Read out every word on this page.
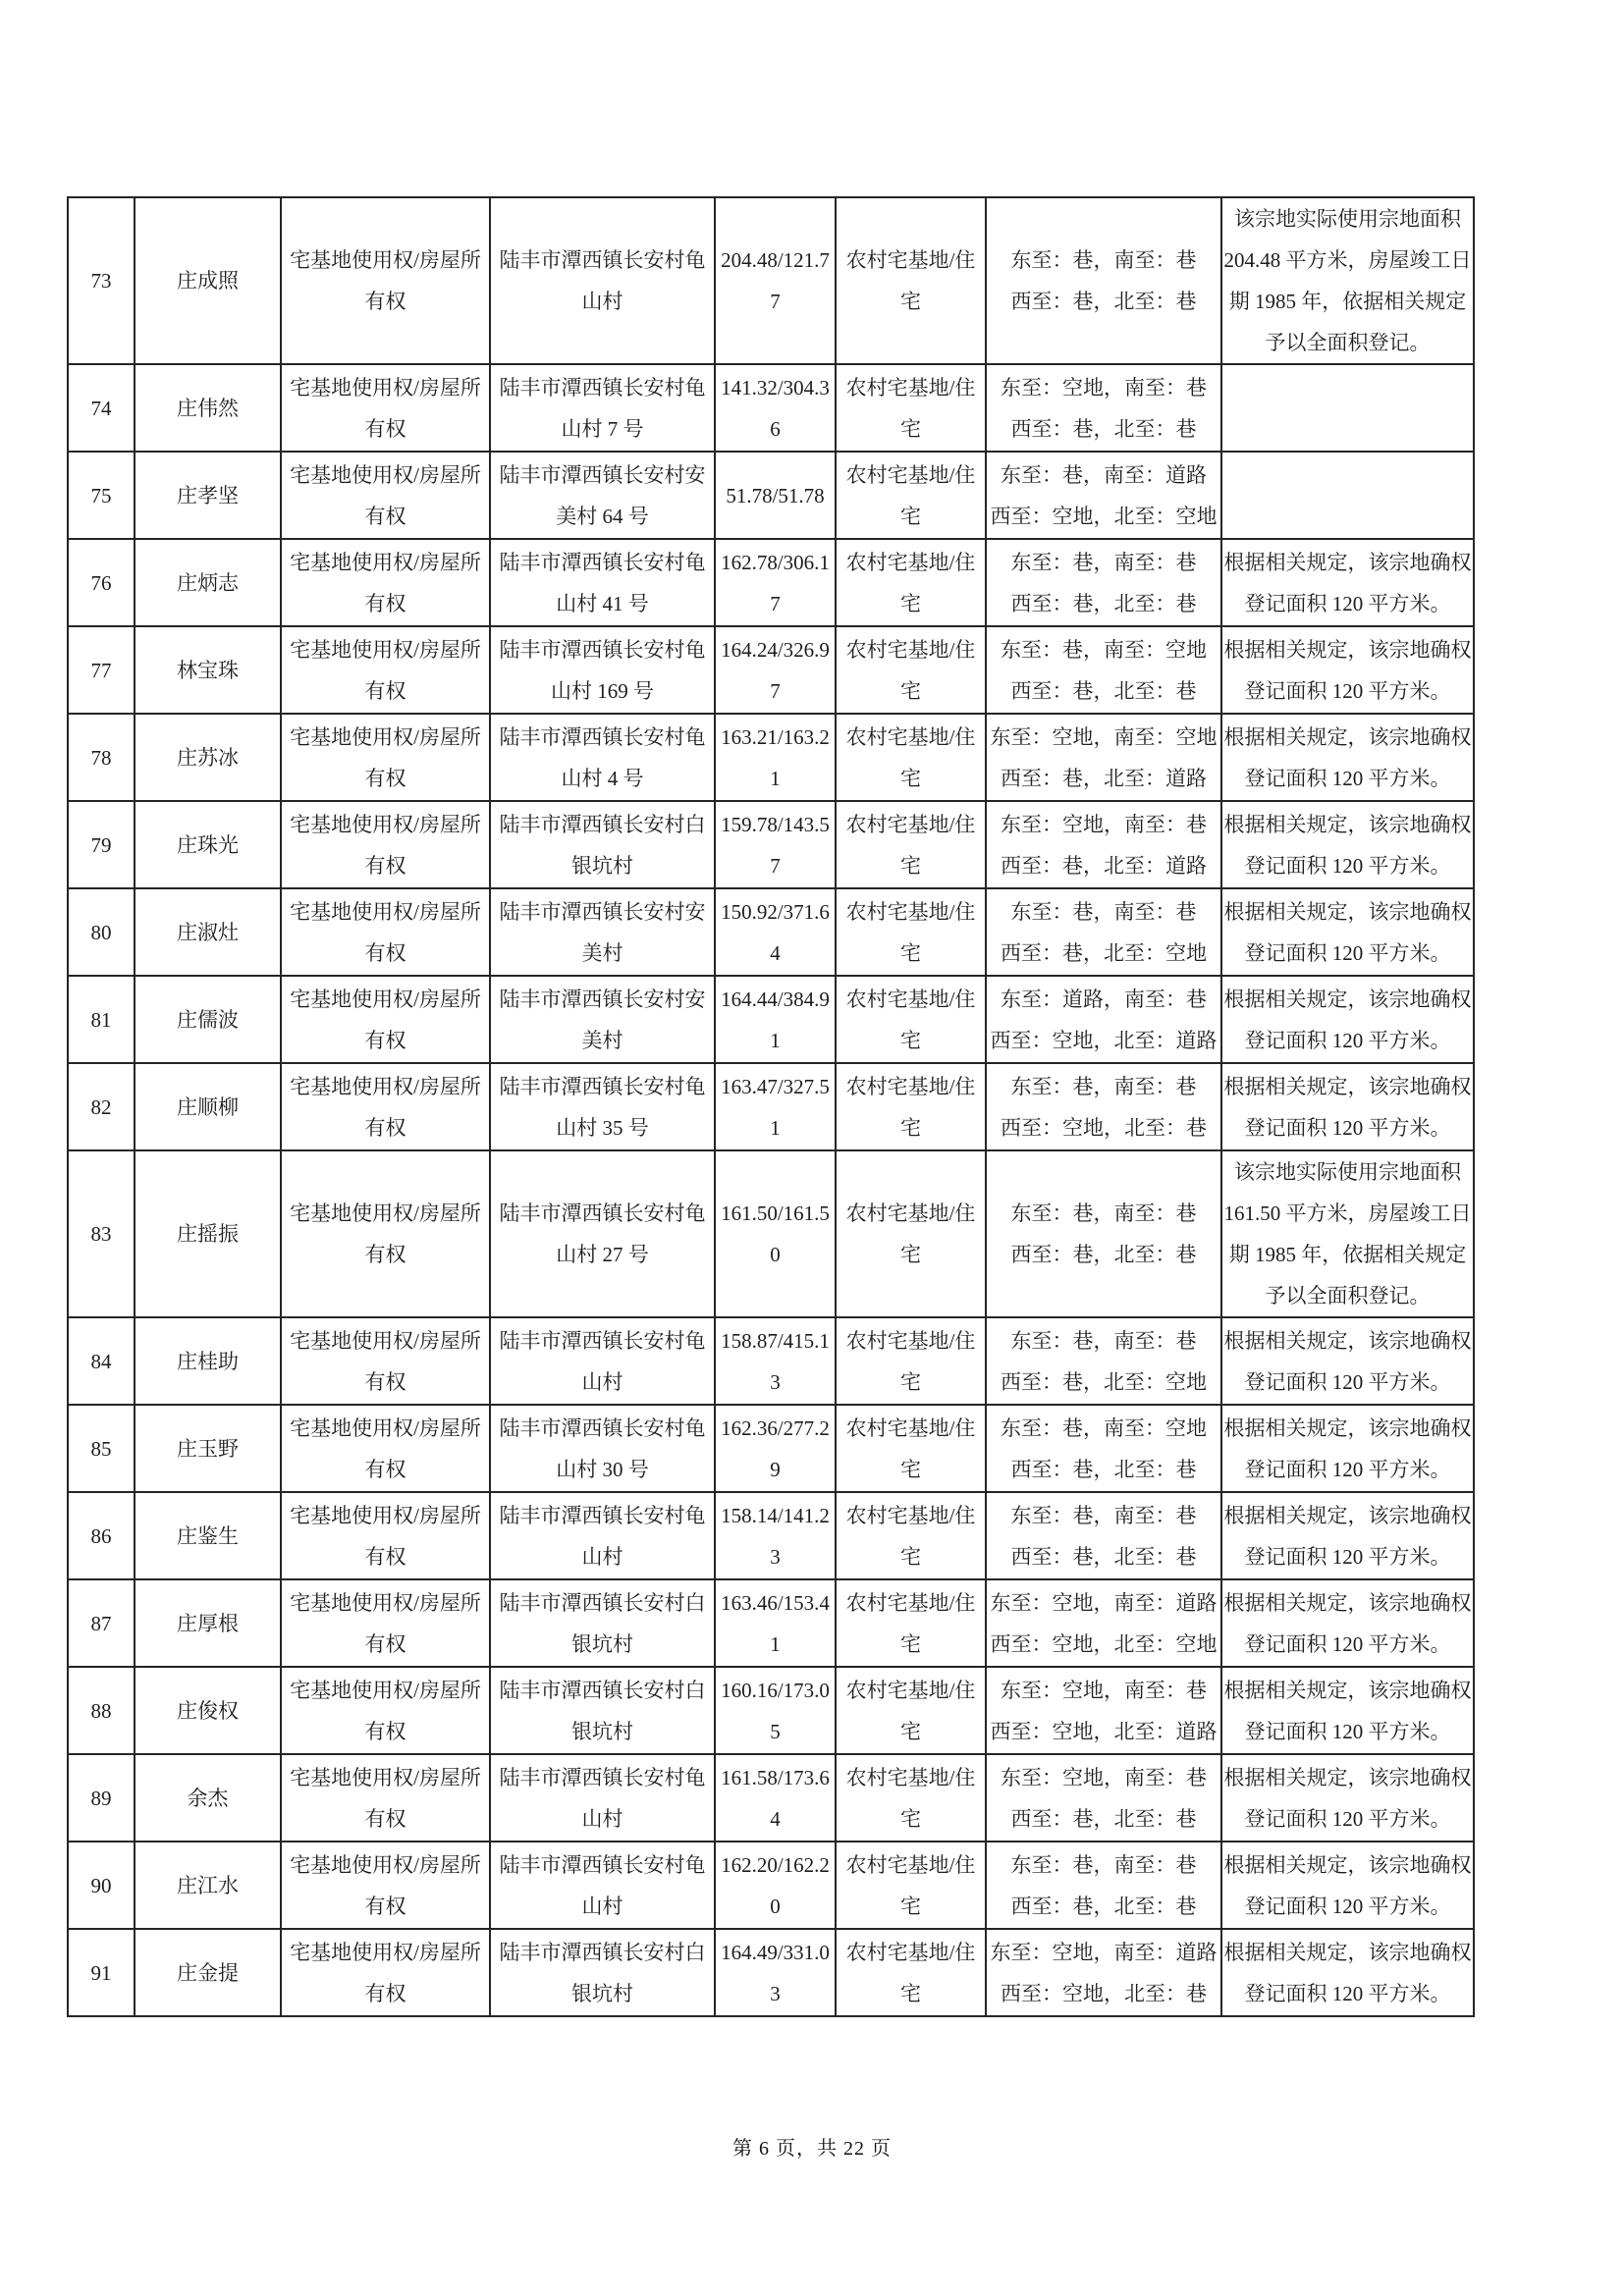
73	庄成照	宅基地使用权/房屋所有权	陆丰市潭西镇长安村龟山村	204.48/121.77	农村宅基地/住宅	东至：巷，南至：巷
西至：巷，北至：巷	该宗地实际使用宗地面积 204.48 平方米，房屋竣工日期 1985 年，依据相关规定予以全面积登记。
74	庄伟然	宅基地使用权/房屋所有权	陆丰市潭西镇长安村龟山村 7 号	141.32/304.36	农村宅基地/住宅	东至：空地，南至：巷
西至：巷，北至：巷	

75	庄孝坚	宅基地使用权/房屋所有权	陆丰市潭西镇长安村安美村 64 号	51.78/51.78	农村宅基地/住宅	东至：巷，南至：道路
西至：空地，北至：空地	

76	庄炳志	宅基地使用权/房屋所有权	陆丰市潭西镇长安村龟山村 41 号	162.78/306.17	农村宅基地/住宅	东至：巷，南至：巷
西至：巷，北至：巷	根据相关规定，该宗地确权登记面积 120 平方米。
77	林宝珠	宅基地使用权/房屋所有权	陆丰市潭西镇长安村龟山村 169 号	164.24/326.97	农村宅基地/住宅	东至：巷，南至：空地
西至：巷，北至：巷	根据相关规定，该宗地确权登记面积 120 平方米。
78	庄苏冰	宅基地使用权/房屋所有权	陆丰市潭西镇长安村龟山村 4 号	163.21/163.21	农村宅基地/住宅	东至：空地，南至：空地
西至：巷，北至：道路	根据相关规定，该宗地确权登记面积 120 平方米。
79	庄珠光	宅基地使用权/房屋所有权	陆丰市潭西镇长安村白银坑村	159.78/143.57	农村宅基地/住宅	东至：空地，南至：巷
西至：巷，北至：道路	根据相关规定，该宗地确权登记面积 120 平方米。
80	庄淑灶	宅基地使用权/房屋所有权	陆丰市潭西镇长安村安美村	150.92/371.64	农村宅基地/住宅	东至：巷，南至：巷
西至：巷，北至：空地	根据相关规定，该宗地确权登记面积 120 平方米。
81	庄儒波	宅基地使用权/房屋所有权	陆丰市潭西镇长安村安美村	164.44/384.91	农村宅基地/住宅	东至：道路，南至：巷
西至：空地，北至：道路	根据相关规定，该宗地确权登记面积 120 平方米。
82	庄顺柳	宅基地使用权/房屋所有权	陆丰市潭西镇长安村龟山村 35 号	163.47/327.51	农村宅基地/住宅	东至：巷，南至：巷
西至：空地，北至：巷	根据相关规定，该宗地确权登记面积 120 平方米。
83	庄摇振	宅基地使用权/房屋所有权	陆丰市潭西镇长安村龟山村 27 号	161.50/161.50	农村宅基地/住宅	东至：巷，南至：巷
西至：巷，北至：巷	该宗地实际使用宗地面积 161.50 平方米，房屋竣工日期 1985 年，依据相关规定予以全面积登记。
84	庄桂助	宅基地使用权/房屋所有权	陆丰市潭西镇长安村龟山村	158.87/415.13	农村宅基地/住宅	东至：巷，南至：巷
西至：巷，北至：空地	根据相关规定，该宗地确权登记面积 120 平方米。
85	庄玉野	宅基地使用权/房屋所有权	陆丰市潭西镇长安村龟山村 30 号	162.36/277.29	农村宅基地/住宅	东至：巷，南至：空地
西至：巷，北至：巷	根据相关规定，该宗地确权登记面积 120 平方米。
86	庄鉴生	宅基地使用权/房屋所有权	陆丰市潭西镇长安村龟山村	158.14/141.23	农村宅基地/住宅	东至：巷，南至：巷
西至：巷，北至：巷	根据相关规定，该宗地确权登记面积 120 平方米。
87	庄厚根	宅基地使用权/房屋所有权	陆丰市潭西镇长安村白银坑村	163.46/153.41	农村宅基地/住宅	东至：空地，南至：道路
西至：空地，北至：空地	根据相关规定，该宗地确权登记面积 120 平方米。
88	庄俊权	宅基地使用权/房屋所有权	陆丰市潭西镇长安村白银坑村	160.16/173.05	农村宅基地/住宅	东至：空地，南至：巷
西至：空地，北至：道路	根据相关规定，该宗地确权登记面积 120 平方米。
89	余杰	宅基地使用权/房屋所有权	陆丰市潭西镇长安村龟山村	161.58/173.64	农村宅基地/住宅	东至：空地，南至：巷
西至：巷，北至：巷	根据相关规定，该宗地确权登记面积 120 平方米。
90	庄江水	宅基地使用权/房屋所有权	陆丰市潭西镇长安村龟山村	162.20/162.20	农村宅基地/住宅	东至：巷，南至：巷
西至：巷，北至：巷	根据相关规定，该宗地确权登记面积 120 平方米。
91	庄金提	宅基地使用权/房屋所有权	陆丰市潭西镇长安村白银坑村	164.49/331.03	农村宅基地/住宅	东至：空地，南至：道路
西至：空地，北至：巷	根据相关规定，该宗地确权登记面积 120 平方米。
第 6 页，共 22 页
